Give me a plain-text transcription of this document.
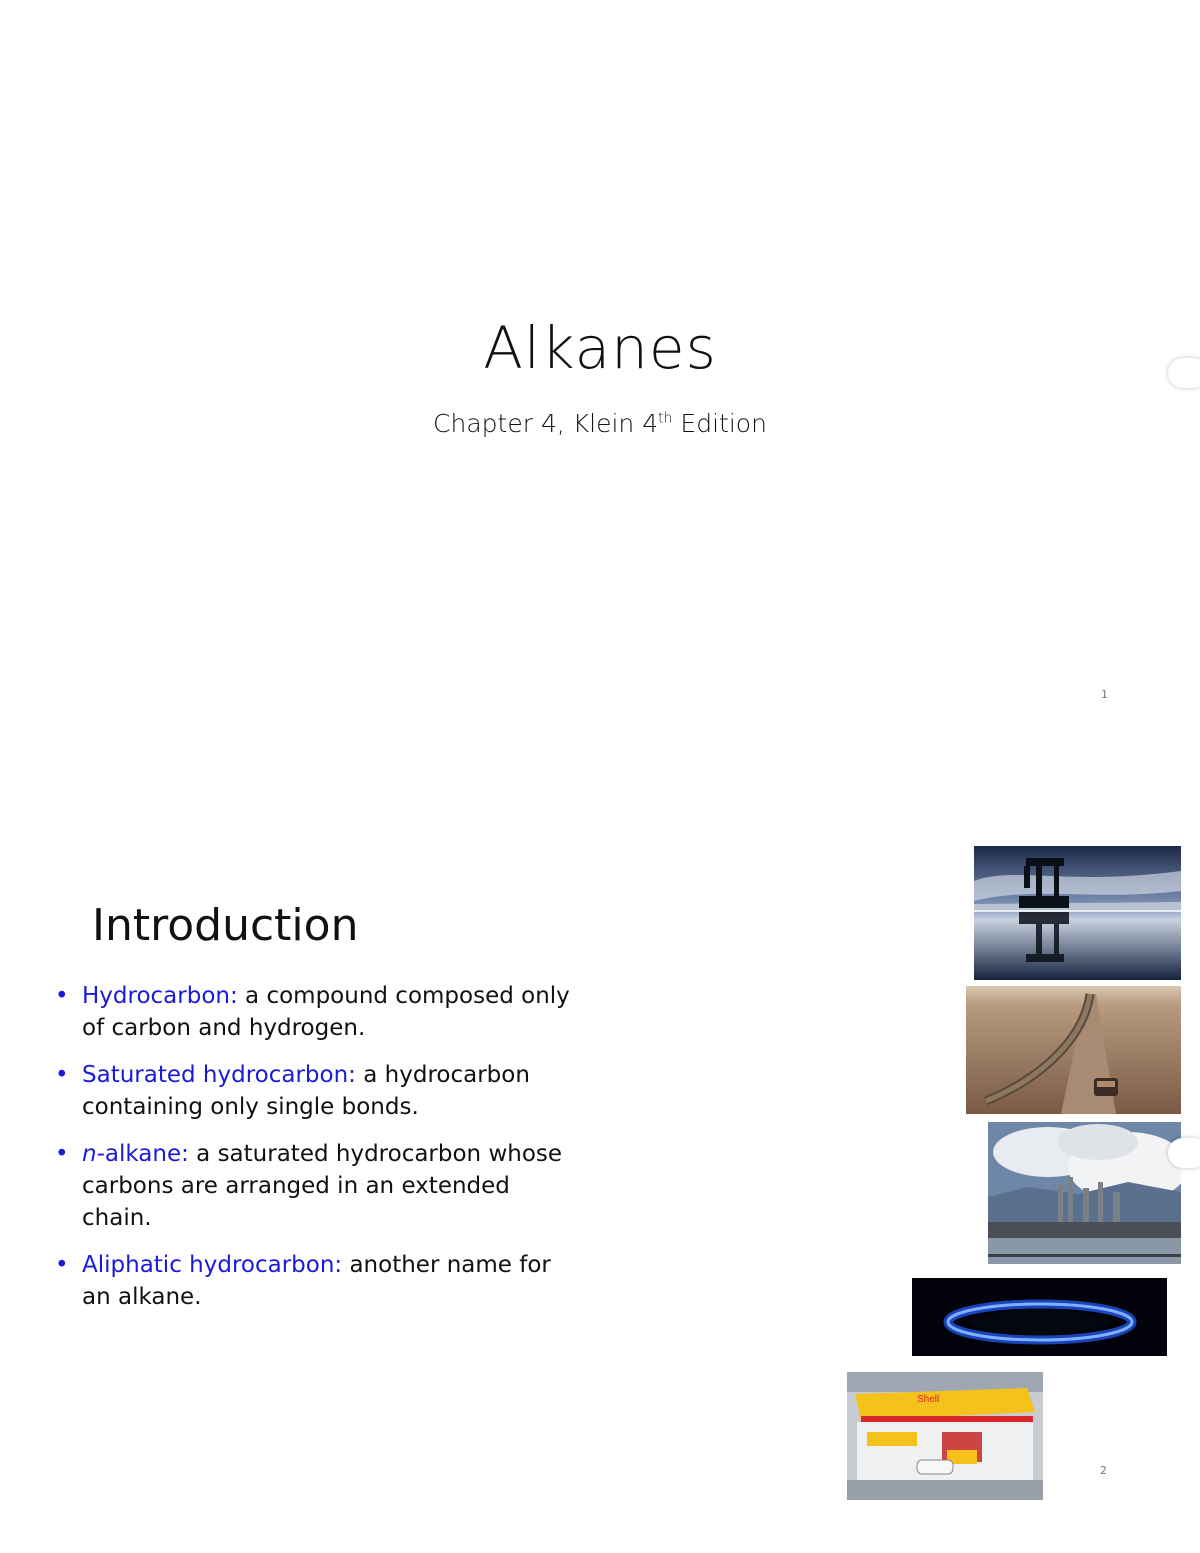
Alkanes
Chapter 4, Klein 4th Edition
1
Introduction
• Hydrocarbon: a compound composed only of carbon and hydrogen.
• Saturated hydrocarbon: a hydrocarbon containing only single bonds.
• n-alkane: a saturated hydrocarbon whose carbons are arranged in an extended chain.
• Aliphatic hydrocarbon: another name for an alkane.
Shell
2
